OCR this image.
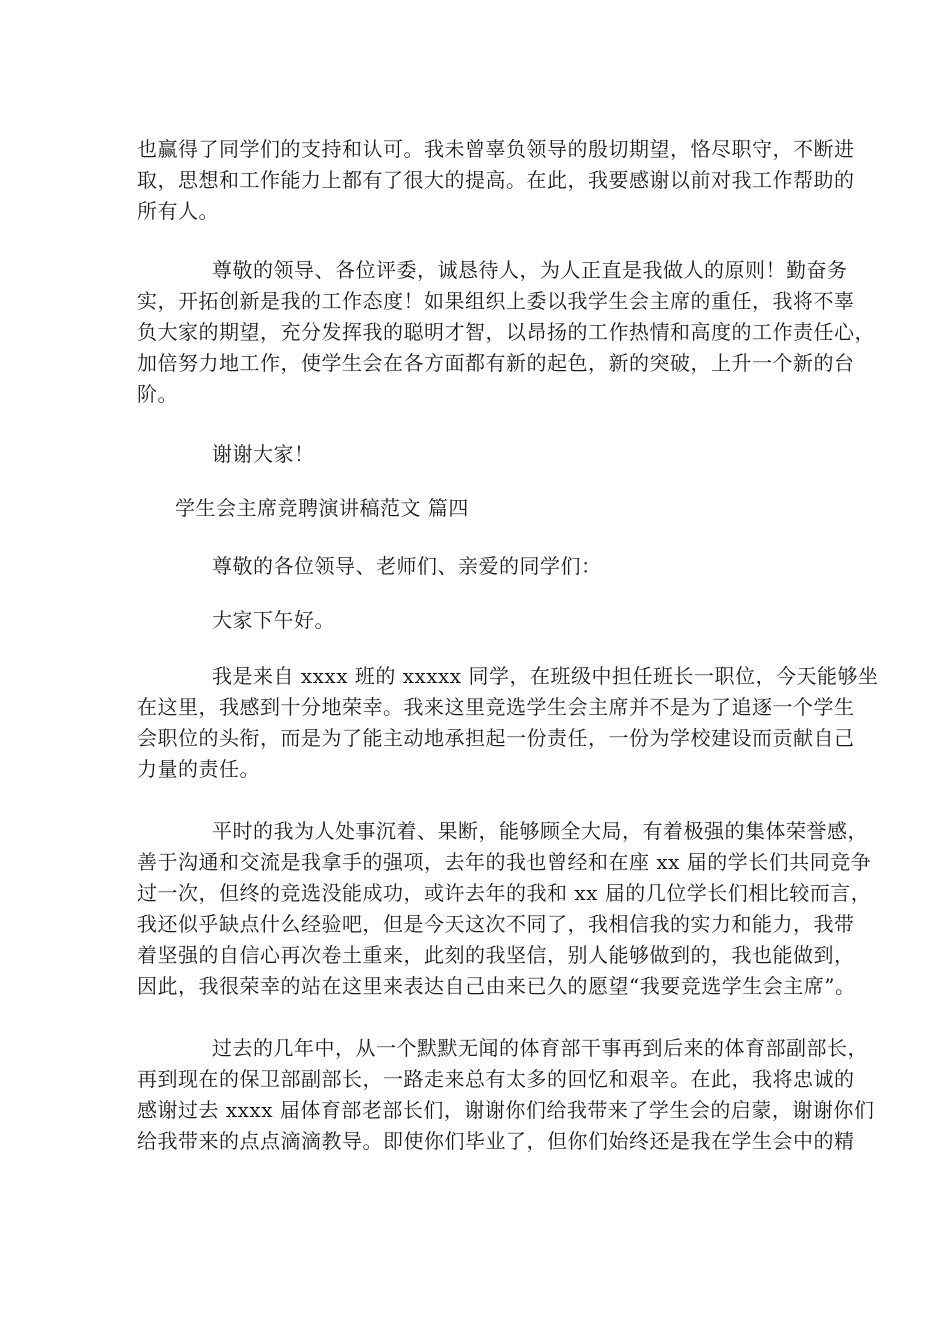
也赢得了同学们的支持和认可。我未曾辜负领导的殷切期望，恪尽职守，不断进
取，思想和工作能力上都有了很大的提高。在此，我要感谢以前对我工作帮助的
所有人。
尊敬的领导、各位评委，诚恳待人，为人正直是我做人的原则！勤奋务
实，开拓创新是我的工作态度！如果组织上委以我学生会主席的重任，我将不辜
负大家的期望，充分发挥我的聪明才智，以昂扬的工作热情和高度的工作责任心，
加倍努力地工作，使学生会在各方面都有新的起色，新的突破，上升一个新的台
阶。

谢谢大家！

学生会主席竞聘演讲稿范文 篇四

尊敬的各位领导、老师们、亲爱的同学们：

大家下午好。

我是来自 xxxx 班的 xxxxx 同学，在班级中担任班长一职位，今天能够坐
在这里，我感到十分地荣幸。我来这里竞选学生会主席并不是为了追逐一个学生
会职位的头衔，而是为了能主动地承担起一份责任，一份为学校建设而贡献自己
力量的责任。
平时的我为人处事沉着、果断，能够顾全大局，有着极强的集体荣誉感，
善于沟通和交流是我拿手的强项，去年的我也曾经和在座 xx 届的学长们共同竞争
过一次，但终的竞选没能成功，或许去年的我和 xx 届的几位学长们相比较而言，
我还似乎缺点什么经验吧，但是今天这次不同了，我相信我的实力和能力，我带
着坚强的自信心再次卷土重来，此刻的我坚信，别人能够做到的，我也能做到，
因此，我很荣幸的站在这里来表达自己由来已久的愿望“我要竞选学生会主席”。
过去的几年中，从一个默默无闻的体育部干事再到后来的体育部副部长，
再到现在的保卫部副部长，一路走来总有太多的回忆和艰辛。在此，我将忠诚的
感谢过去 xxxx 届体育部老部长们，谢谢你们给我带来了学生会的启蒙，谢谢你们
给我带来的点点滴滴教导。即使你们毕业了，但你们始终还是我在学生会中的精
